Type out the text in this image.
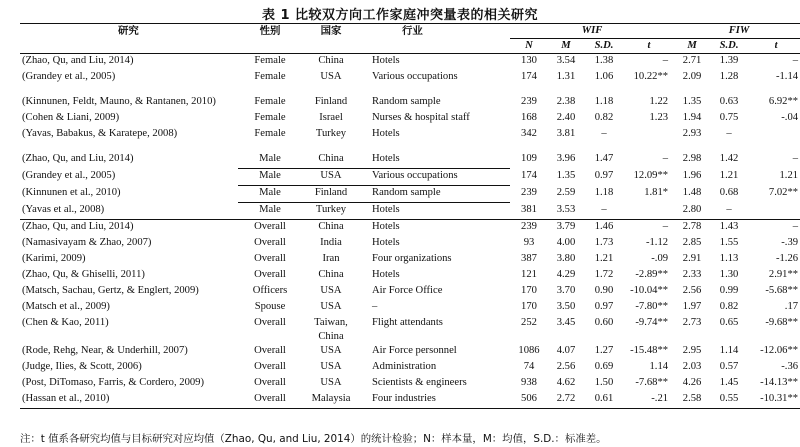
表 1 比较双方向工作家庭冲突量表的相关研究
研究	性别	国家	行业	WIF				FIW		
				N	M	S.D.	t	M	S.D.	t
(Zhao, Qu, and Liu, 2014)	Female	China	Hotels	130	3.54	1.38	–	2.71	1.39	–
(Grandey et al., 2005)	Female	USA	Various occupations	174	1.31	1.06	10.22**	2.09	1.28	-1.14

(Kinnunen, Feldt, Mauno, & Rantanen, 2010)	Female	Finland	Random sample	239	2.38	1.18	1.22	1.35	0.63	6.92**
(Cohen & Liani, 2009)	Female	Israel	Nurses & hospital staff	168	2.40	0.82	1.23	1.94	0.75	-.04
(Yavas, Babakus, & Karatepe, 2008)	Female	Turkey	Hotels	342	3.81	–		2.93	–	

(Zhao, Qu, and Liu, 2014)	Male	China	Hotels	109	3.96	1.47	–	2.98	1.42	–
(Grandey et al., 2005)	Male	USA	Various occupations	174	1.35	0.97	12.09**	1.96	1.21	1.21
(Kinnunen et al., 2010)	Male	Finland	Random sample	239	2.59	1.18	1.81*	1.48	0.68	7.02**
(Yavas et al., 2008)	Male	Turkey	Hotels	381	3.53	–		2.80	–	
(Zhao, Qu, and Liu, 2014)	Overall	China	Hotels	239	3.79	1.46	–	2.78	1.43	–
(Namasivayam & Zhao, 2007)	Overall	India	Hotels	93	4.00	1.73	-1.12	2.85	1.55	-.39
(Karimi, 2009)	Overall	Iran	Four organizations	387	3.80	1.21	-.09	2.91	1.13	-1.26
(Zhao, Qu, & Ghiselli, 2011)	Overall	China	Hotels	121	4.29	1.72	-2.89**	2.33	1.30	2.91**
(Matsch, Sachau, Gertz, & Englert, 2009)	Officers	USA	Air Force Office	170	3.70	0.90	-10.04**	2.56	0.99	-5.68**
(Matsch et al., 2009)	Spouse	USA	–	170	3.50	0.97	-7.80**	1.97	0.82	.17
(Chen & Kao, 2011)	Overall	Taiwan,
China	Flight attendants	252	3.45	0.60	-9.74**	2.73	0.65	-9.68**
(Rode, Rehg, Near, & Underhill, 2007)	Overall	USA	Air Force personnel	1086	4.07	1.27	-15.48**	2.95	1.14	-12.06**
(Judge, Ilies, & Scott, 2006)	Overall	USA	Administration	74	2.56	0.69	1.14	2.03	0.57	-.36
(Post, DiTomaso, Farris, & Cordero, 2009)	Overall	USA	Scientists & engineers	938	4.62	1.50	-7.68**	4.26	1.45	-14.13**
(Hassan et al., 2010)	Overall	Malaysia	Four industries	506	2.72	0.61	-.21	2.58	0.55	-10.31**
注：t 值系各研究均值与目标研究对应均值（Zhao, Qu, and Liu, 2014）的统计检验；N：样本量，M：均值，S.D.：标准差。
